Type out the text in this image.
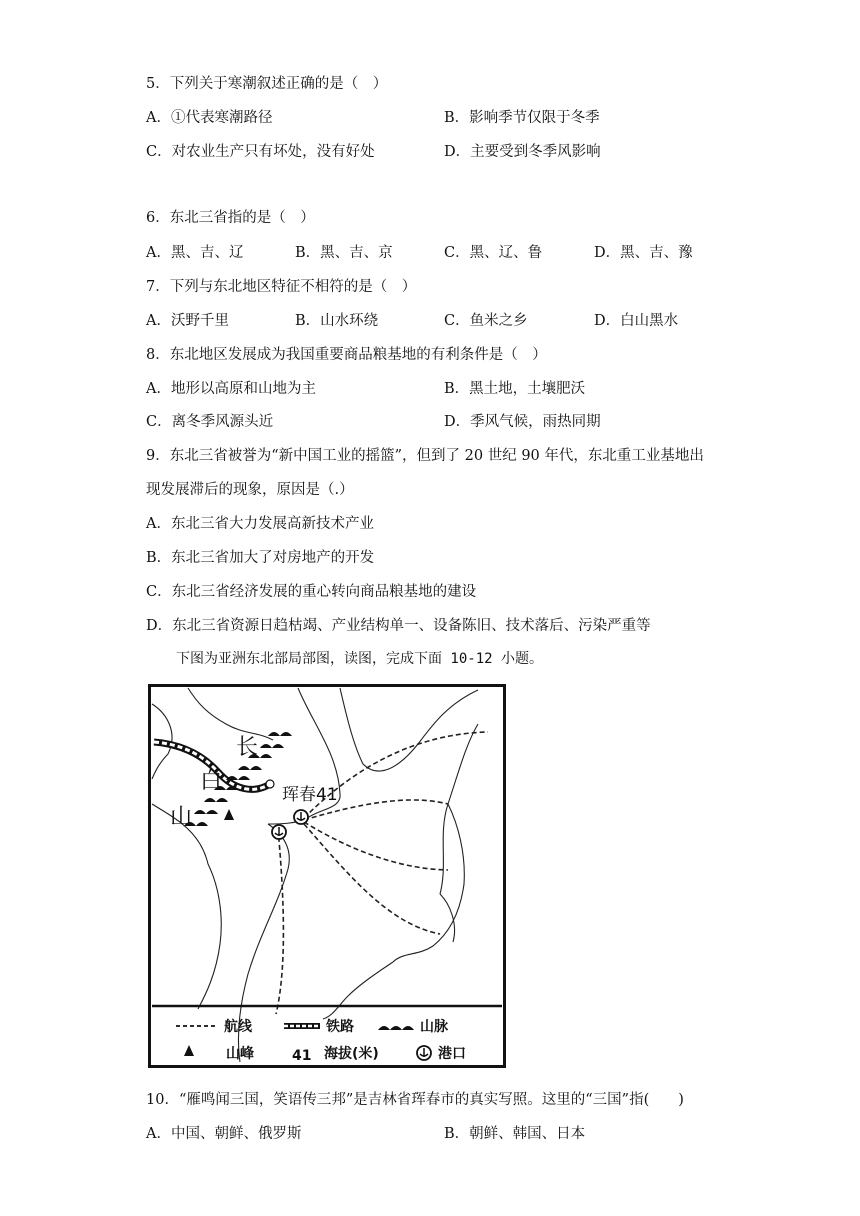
5．下列关于寒潮叙述正确的是（　）
A．①代表寒潮路径	B．影响季节仅限于冬季
C．对农业生产只有坏处，没有好处	D．主要受到冬季风影响
6．东北三省指的是（　）
A．黑、吉、辽	B．黑、吉、京	C．黑、辽、鲁	D．黑、吉、豫
7．下列与东北地区特征不相符的是（　）
A．沃野千里	B．山水环绕	C．鱼米之乡	D．白山黑水
8．东北地区发展成为我国重要商品粮基地的有利条件是（　）
A．地形以高原和山地为主	B．黑土地，土壤肥沃
C．离冬季风源头近	D．季风气候，雨热同期
9．东北三省被誉为“新中国工业的摇篮”，但到了 20 世纪 90 年代，东北重工业基地出
现发展滞后的现象，原因是（.）
A．东北三省大力发展高新技术产业
B．东北三省加大了对房地产的开发
C．东北三省经济发展的重心转向商品粮基地的建设
D．东北三省资源日趋枯竭、产业结构单一、设备陈旧、技术落后、污染严重等
下图为亚洲东北部局部图，读图，完成下面 10-12 小题。
长
白
山
珲春41
航线	铁路	山脉
山峰	41 海拔(米)	港口
10．“雁鸣闻三国，笑语传三邦”是吉林省珲春市的真实写照。这里的“三国”指(　　)
A．中国、朝鲜、俄罗斯	B．朝鲜、韩国、日本
